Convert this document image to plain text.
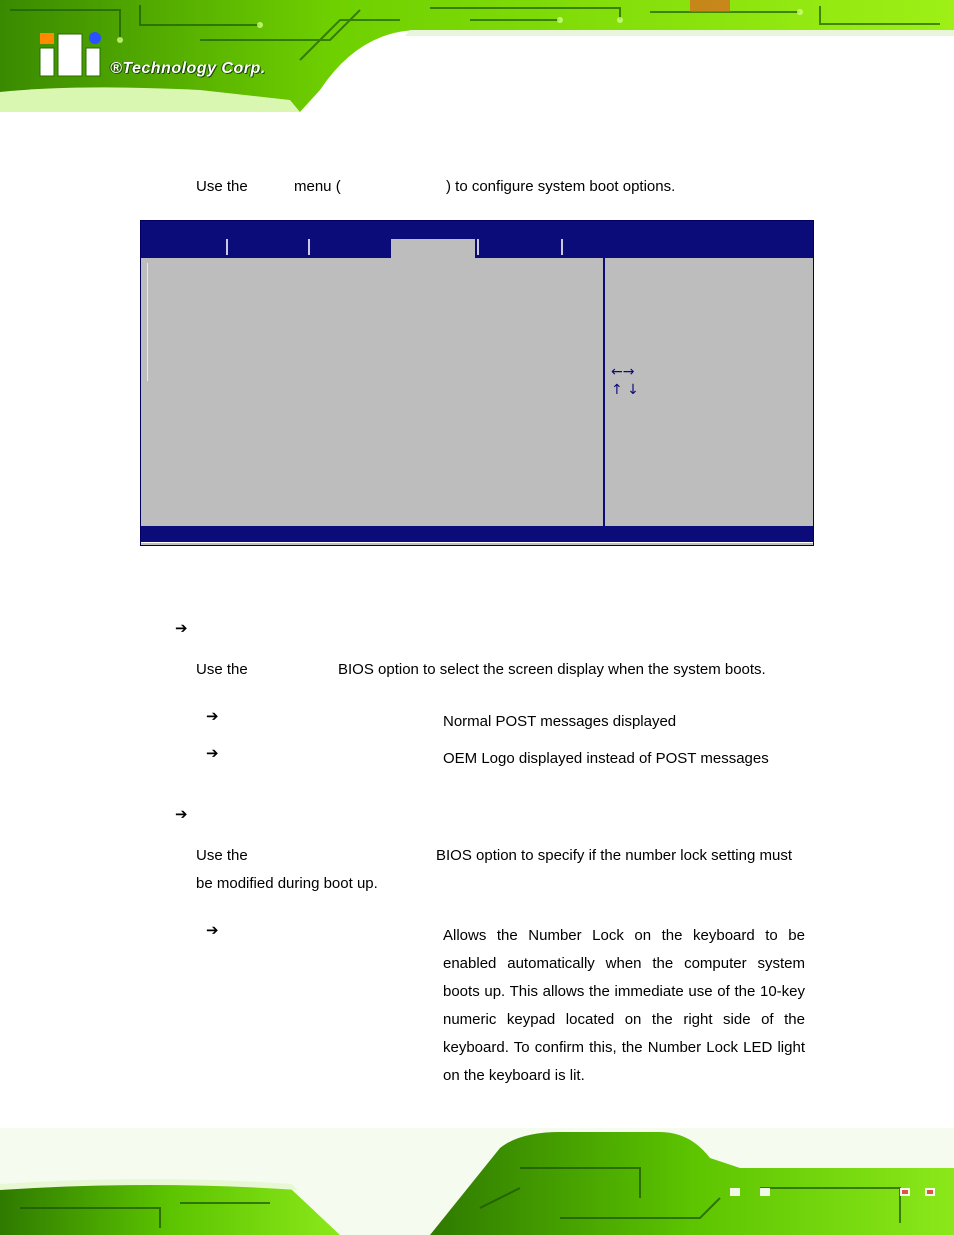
®Technology Corp.
Use the	menu (	) to configure system boot options.
←→
↑ ↓
➔
Use the	BIOS option to select the screen display when the system boots.
➔	Normal POST messages displayed
➔	OEM Logo displayed instead of POST messages
➔
Use the	BIOS option to specify if the number lock setting must
be modified during boot up.
➔	Allows the Number Lock on the keyboard to be enabled automatically when the computer system boots up. This allows the immediate use of the 10-key numeric keypad located on the right side of the keyboard. To confirm this, the Number Lock LED light on the keyboard is lit.
